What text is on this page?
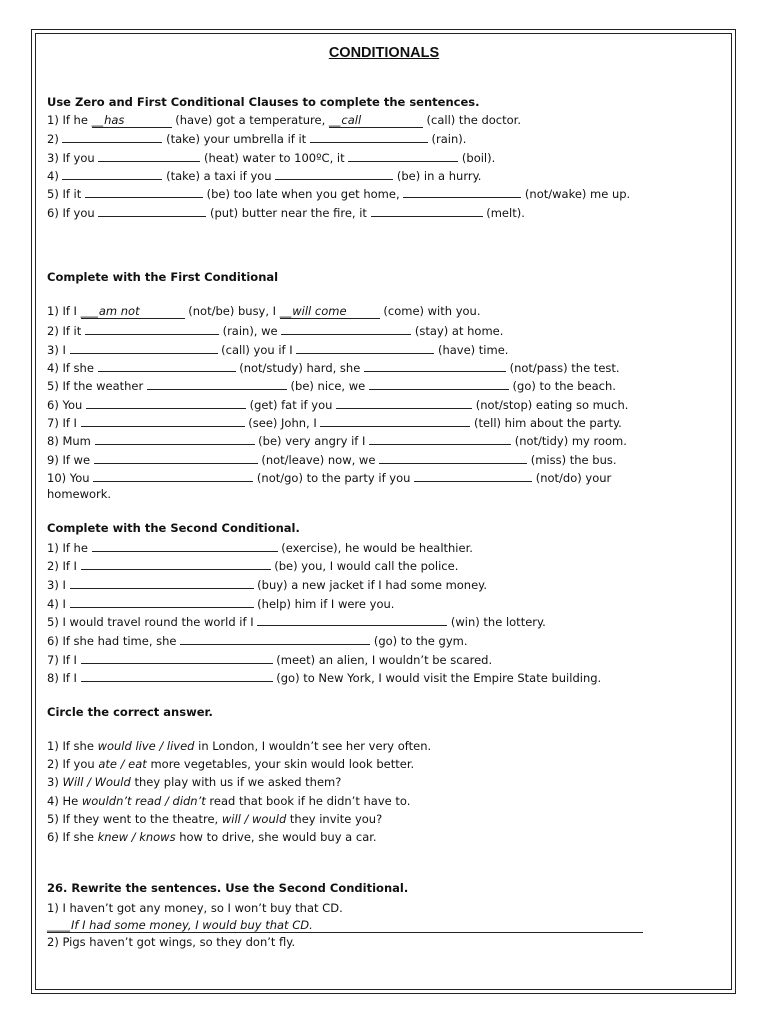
CONDITIONALS
Use Zero and First Conditional Clauses to complete the sentences.
1) If he __has	(have) got a temperature, __call	(call) the doctor.
2)	(take) your umbrella if it	(rain).
3) If you	(heat) water to 100ºC, it	(boil).
4)	(take) a taxi if you	(be) in a hurry.
5) If it	(be) too late when you get home,	(not/wake) me up.
6) If you	(put) butter near the fire, it	(melt).
Complete with the First Conditional
1) If I ___am not	(not/be) busy, I __will come	(come) with you.
2) If it	(rain), we	(stay) at home.
3) I	(call) you if I	(have) time.
4) If she	(not/study) hard, she	(not/pass) the test.
5) If the weather	(be) nice, we	(go) to the beach.
6) You	(get) fat if you	(not/stop) eating so much.
7) If I	(see) John, I	(tell) him about the party.
8) Mum	(be) very angry if I	(not/tidy) my room.
9) If we	(not/leave) now, we	(miss) the bus.
10) You	(not/go) to the party if you	(not/do) your
homework.
Complete with the Second Conditional.
1) If he	(exercise), he would be healthier.
2) If I	(be) you, I would call the police.
3) I	(buy) a new jacket if I had some money.
4) I	(help) him if I were you.
5) I would travel round the world if I	(win) the lottery.
6) If she had time, she	(go) to the gym.
7) If I	(meet) an alien, I wouldn’t be scared.
8) If I	(go) to New York, I would visit the Empire State building.
Circle the correct answer.
1) If she would live / lived in London, I wouldn’t see her very often.
2) If you ate / eat more vegetables, your skin would look better.
3) Will / Would they play with us if we asked them?
4) He wouldn’t read / didn’t read that book if he didn’t have to.
5) If they went to the theatre, will / would they invite you?
6) If she knew / knows how to drive, she would buy a car.
26. Rewrite the sentences. Use the Second Conditional.
1) I haven’t got any money, so I won’t buy that CD.
____If I had some money, I would buy that CD.
2) Pigs haven’t got wings, so they don’t fly.
